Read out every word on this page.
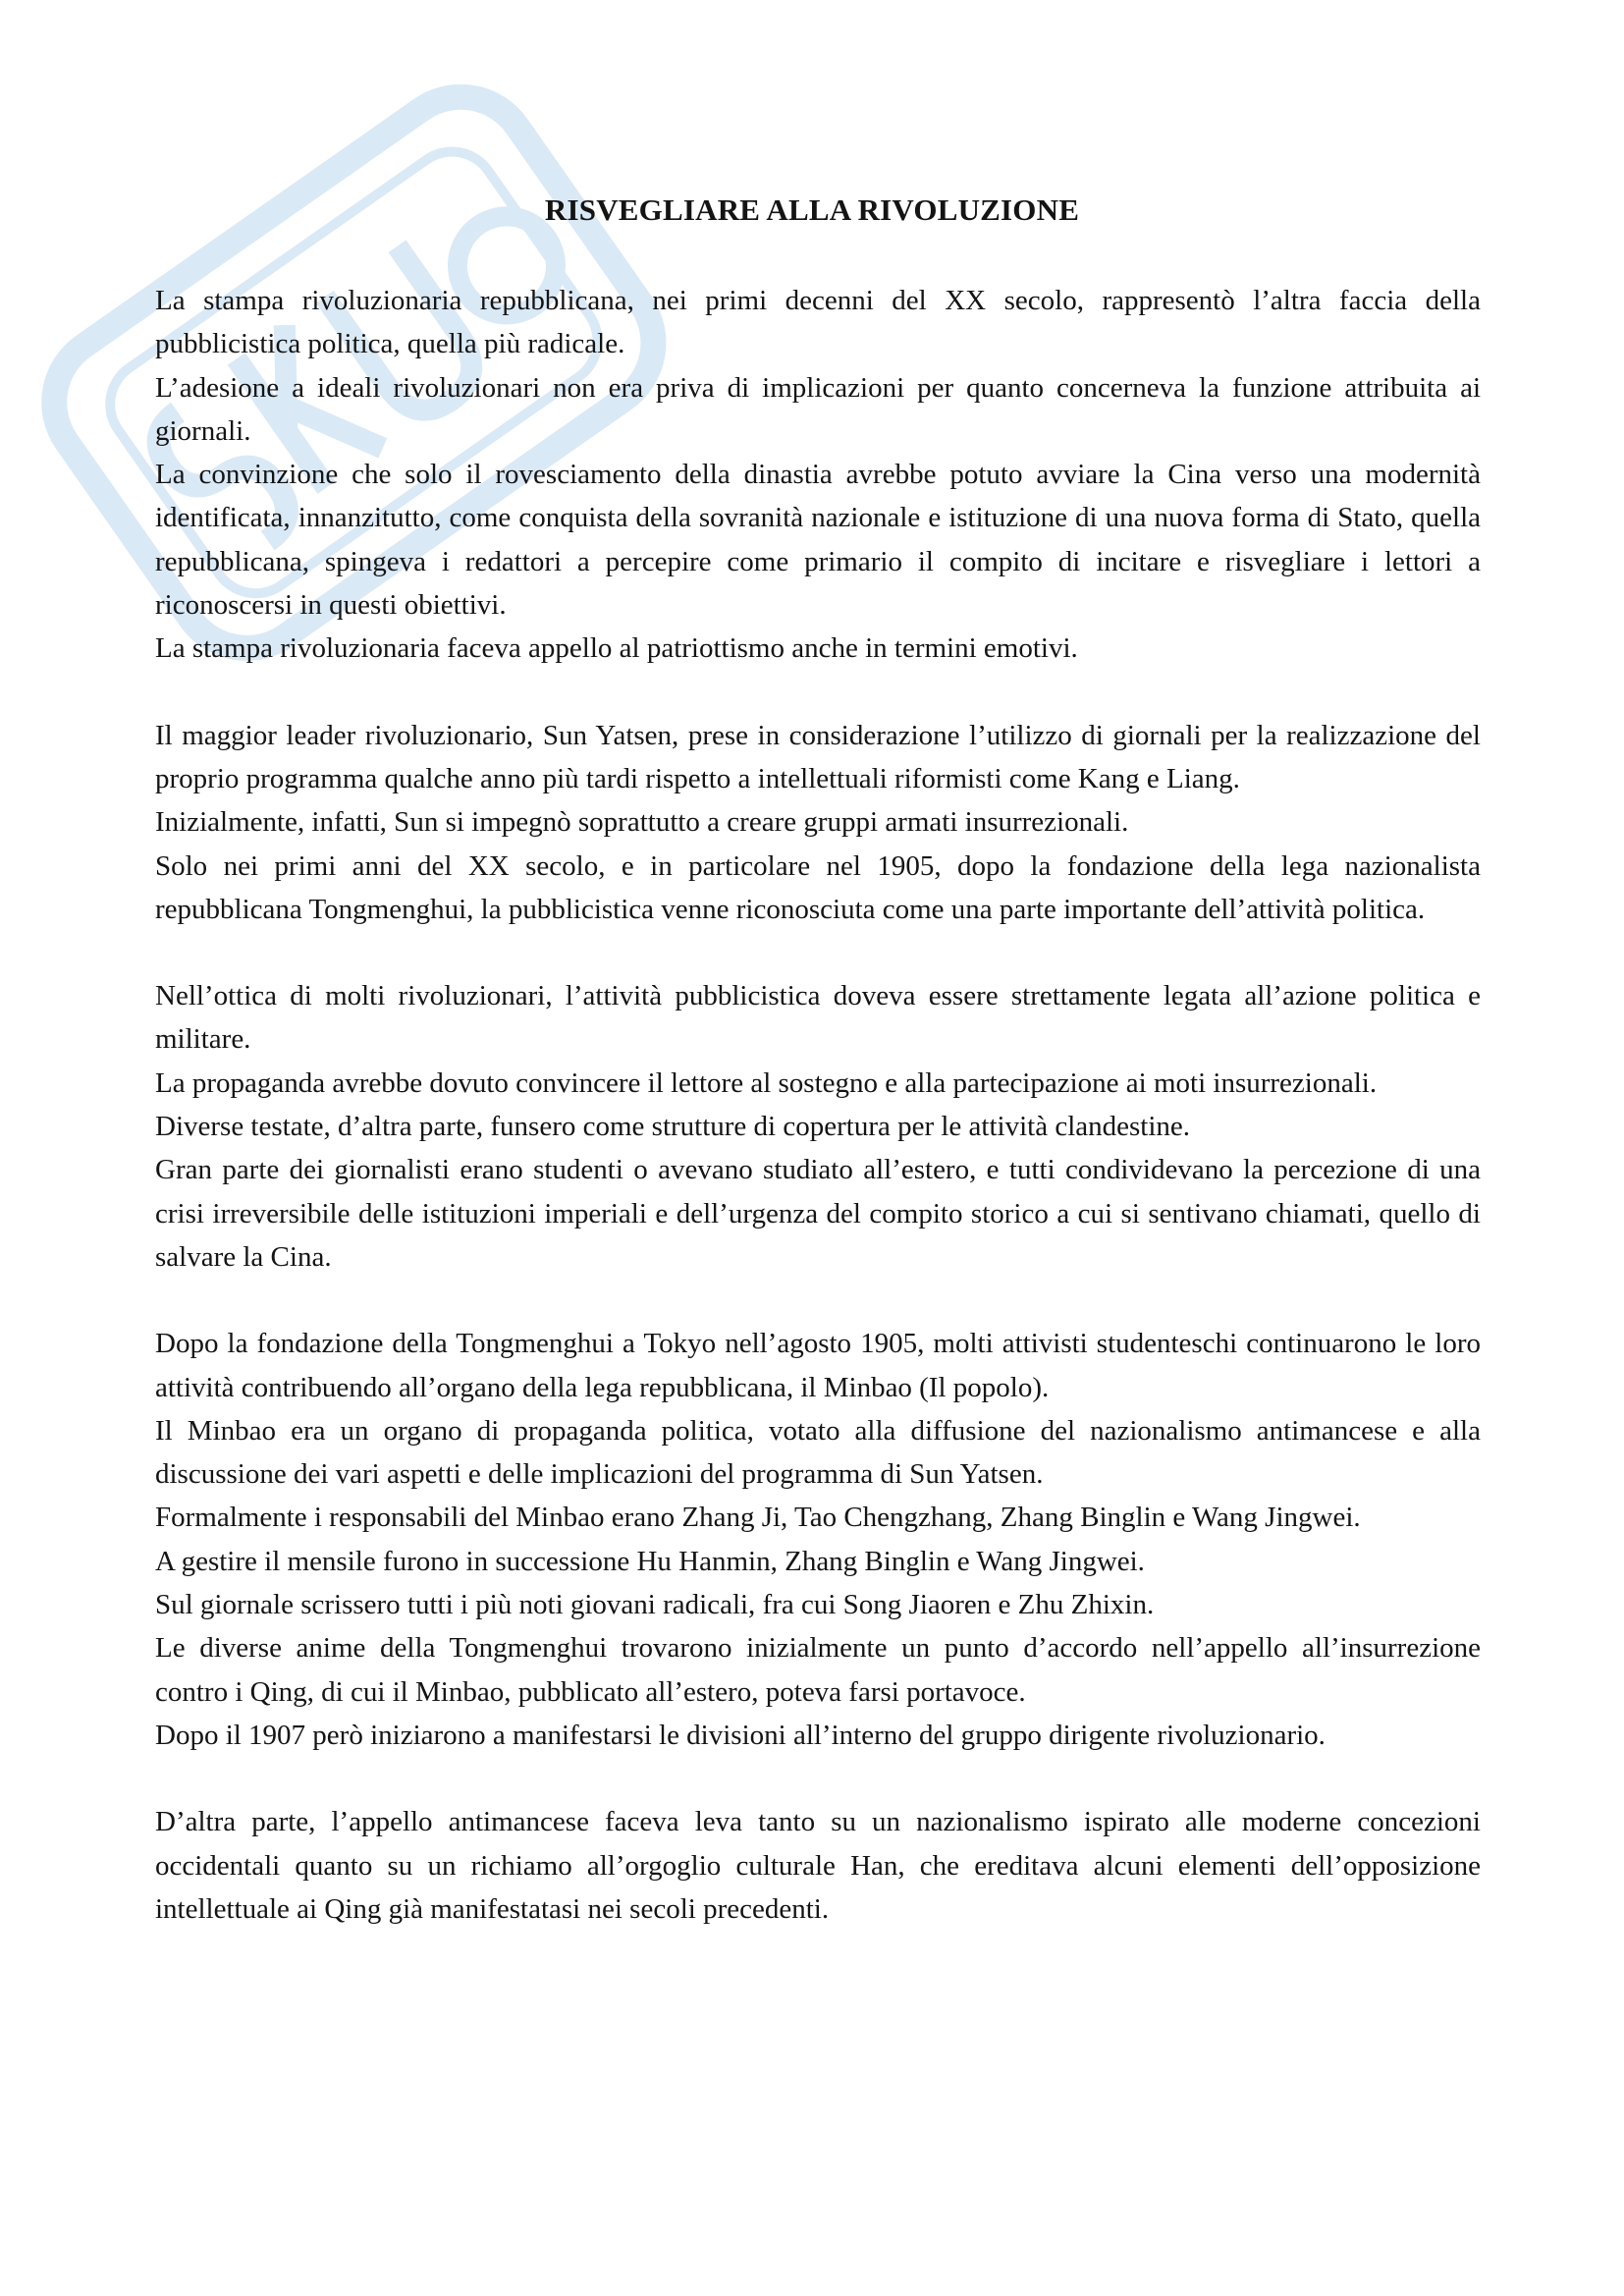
RISVEGLIARE ALLA RIVOLUZIONE

La stampa rivoluzionaria repubblicana, nei primi decenni del XX secolo, rappresentò l’altra faccia della pubblicistica politica, quella più radicale.

L’adesione a ideali rivoluzionari non era priva di implicazioni per quanto concerneva la funzione attribuita ai giornali.

La convinzione che solo il rovesciamento della dinastia avrebbe potuto avviare la Cina verso una modernità identificata, innanzitutto, come conquista della sovranità nazionale e istituzione di una nuova forma di Stato, quella repubblicana, spingeva i redattori a percepire come primario il compito di incitare e risvegliare i lettori a riconoscersi in questi obiettivi.

La stampa rivoluzionaria faceva appello al patriottismo anche in termini emotivi.

Il maggior leader rivoluzionario, Sun Yatsen, prese in considerazione l’utilizzo di giornali per la realizzazione del proprio programma qualche anno più tardi rispetto a intellettuali riformisti come Kang e Liang.

Inizialmente, infatti, Sun si impegnò soprattutto a creare gruppi armati insurrezionali.

Solo nei primi anni del XX secolo, e in particolare nel 1905, dopo la fondazione della lega nazionalista repubblicana Tongmenghui, la pubblicistica venne riconosciuta come una parte importante dell’attività politica.

Nell’ottica di molti rivoluzionari, l’attività pubblicistica doveva essere strettamente legata all’azione politica e militare.

La propaganda avrebbe dovuto convincere il lettore al sostegno e alla partecipazione ai moti insurrezionali.

Diverse testate, d’altra parte, funsero come strutture di copertura per le attività clandestine.

Gran parte dei giornalisti erano studenti o avevano studiato all’estero, e tutti condividevano la percezione di una crisi irreversibile delle istituzioni imperiali e dell’urgenza del compito storico a cui si sentivano chiamati, quello di salvare la Cina.

Dopo la fondazione della Tongmenghui a Tokyo nell’agosto 1905, molti attivisti studenteschi continuarono le loro attività contribuendo all’organo della lega repubblicana, il Minbao (Il popolo).

Il Minbao era un organo di propaganda politica, votato alla diffusione del nazionalismo antimancese e alla discussione dei vari aspetti e delle implicazioni del programma di Sun Yatsen.

Formalmente i responsabili del Minbao erano Zhang Ji, Tao Chengzhang, Zhang Binglin e Wang Jingwei.

A gestire il mensile furono in successione Hu Hanmin, Zhang Binglin e Wang Jingwei.

Sul giornale scrissero tutti i più noti giovani radicali, fra cui Song Jiaoren e Zhu Zhixin.

Le diverse anime della Tongmenghui trovarono inizialmente un punto d’accordo nell’appello all’insurrezione contro i Qing, di cui il Minbao, pubblicato all’estero, poteva farsi portavoce.

Dopo il 1907 però iniziarono a manifestarsi le divisioni all’interno del gruppo dirigente rivoluzionario.

D’altra parte, l’appello antimancese faceva leva tanto su un nazionalismo ispirato alle moderne concezioni occidentali quanto su un richiamo all’orgoglio culturale Han, che ereditava alcuni elementi dell’opposizione intellettuale ai Qing già manifestatasi nei secoli precedenti.
